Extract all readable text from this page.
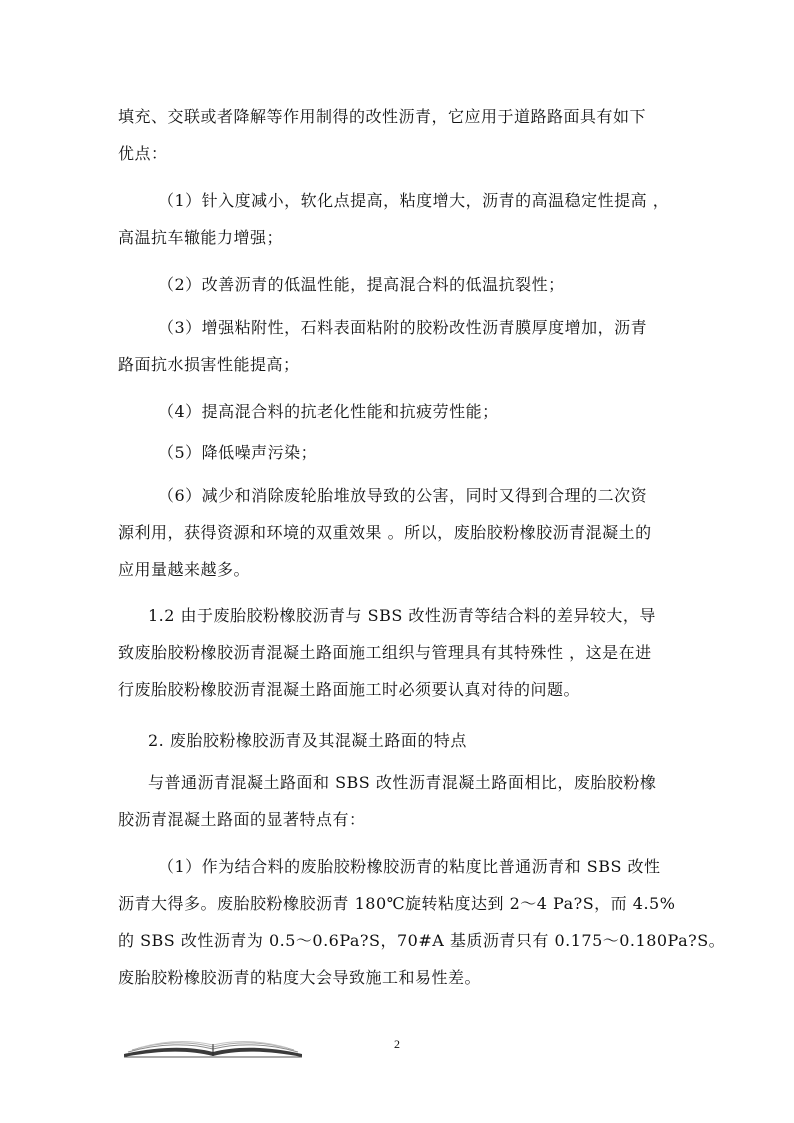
填充、交联或者降解等作用制得的改性沥青，它应用于道路路面具有如下
优点：

（1）针入度减小，软化点提高，粘度增大，沥青的高温稳定性提高 ，
高温抗车辙能力增强；

（2）改善沥青的低温性能，提高混合料的低温抗裂性；

（3）增强粘附性，石料表面粘附的胶粉改性沥青膜厚度增加，沥青
路面抗水损害性能提高；

（4）提高混合料的抗老化性能和抗疲劳性能；

（5）降低噪声污染；

（6）减少和消除废轮胎堆放导致的公害，同时又得到合理的二次资
源利用，获得资源和环境的双重效果 。所以，废胎胶粉橡胶沥青混凝土的
应用量越来越多。

1.2 由于废胎胶粉橡胶沥青与 SBS 改性沥青等结合料的差异较大，导
致废胎胶粉橡胶沥青混凝土路面施工组织与管理具有其特殊性 ，这是在进
行废胎胶粉橡胶沥青混凝土路面施工时必须要认真对待的问题。

2. 废胎胶粉橡胶沥青及其混凝土路面的特点

与普通沥青混凝土路面和 SBS 改性沥青混凝土路面相比，废胎胶粉橡
胶沥青混凝土路面的显著特点有：

（1）作为结合料的废胎胶粉橡胶沥青的粘度比普通沥青和 SBS 改性
沥青大得多。废胎胶粉橡胶沥青 180℃旋转粘度达到 2～4 Pa?S，而 4.5%
的 SBS 改性沥青为 0.5～0.6Pa?S，70#A 基质沥青只有 0.175～0.180Pa?S。
废胎胶粉橡胶沥青的粘度大会导致施工和易性差。

2
